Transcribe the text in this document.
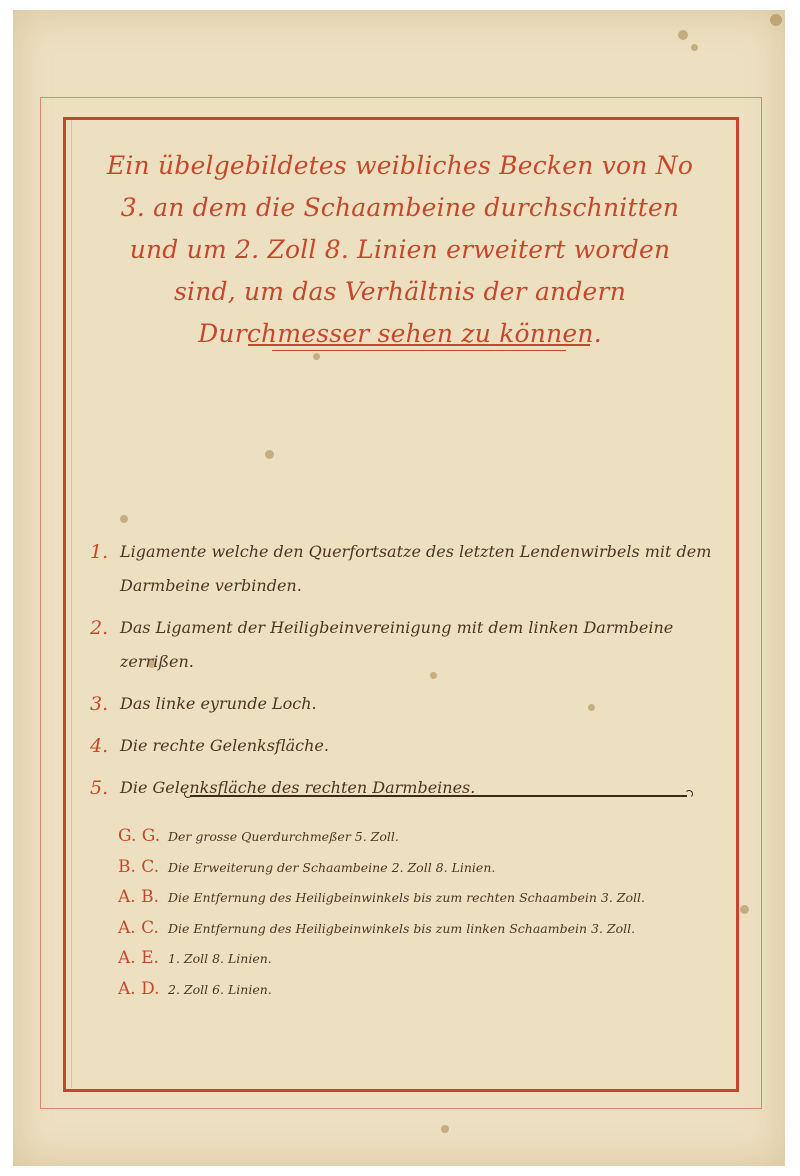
Ein übelgebildetes weibliches Becken von No 3. an dem die Schaambeine durchschnitten und um 2. Zoll 8. Linien erweitert worden sind, um das Verhältnis der andern Durchmesser sehen zu können.
1. Ligamente welche den Querfortsatze des letzten Lendenwirbels mit dem Darmbeine verbinden.
2. Das Ligament der Heiligbeinvereinigung mit dem linken Darmbeine zerrißen.
3. Das linke eyrunde Loch.
4. Die rechte Gelenksfläche.
5. Die Gelenksfläche des rechten Darmbeines.
G. G. Der grosse Querdurchmeßer 5. Zoll.
B. C. Die Erweiterung der Schaambeine 2. Zoll 8. Linien.
A. B. Die Entfernung des Heiligbeinwinkels bis zum rechten Schaambein 3. Zoll.
A. C. Die Entfernung des Heiligbeinwinkels bis zum linken Schaambein 3. Zoll.
A. E. 1. Zoll 8. Linien.
A. D. 2. Zoll 6. Linien.
